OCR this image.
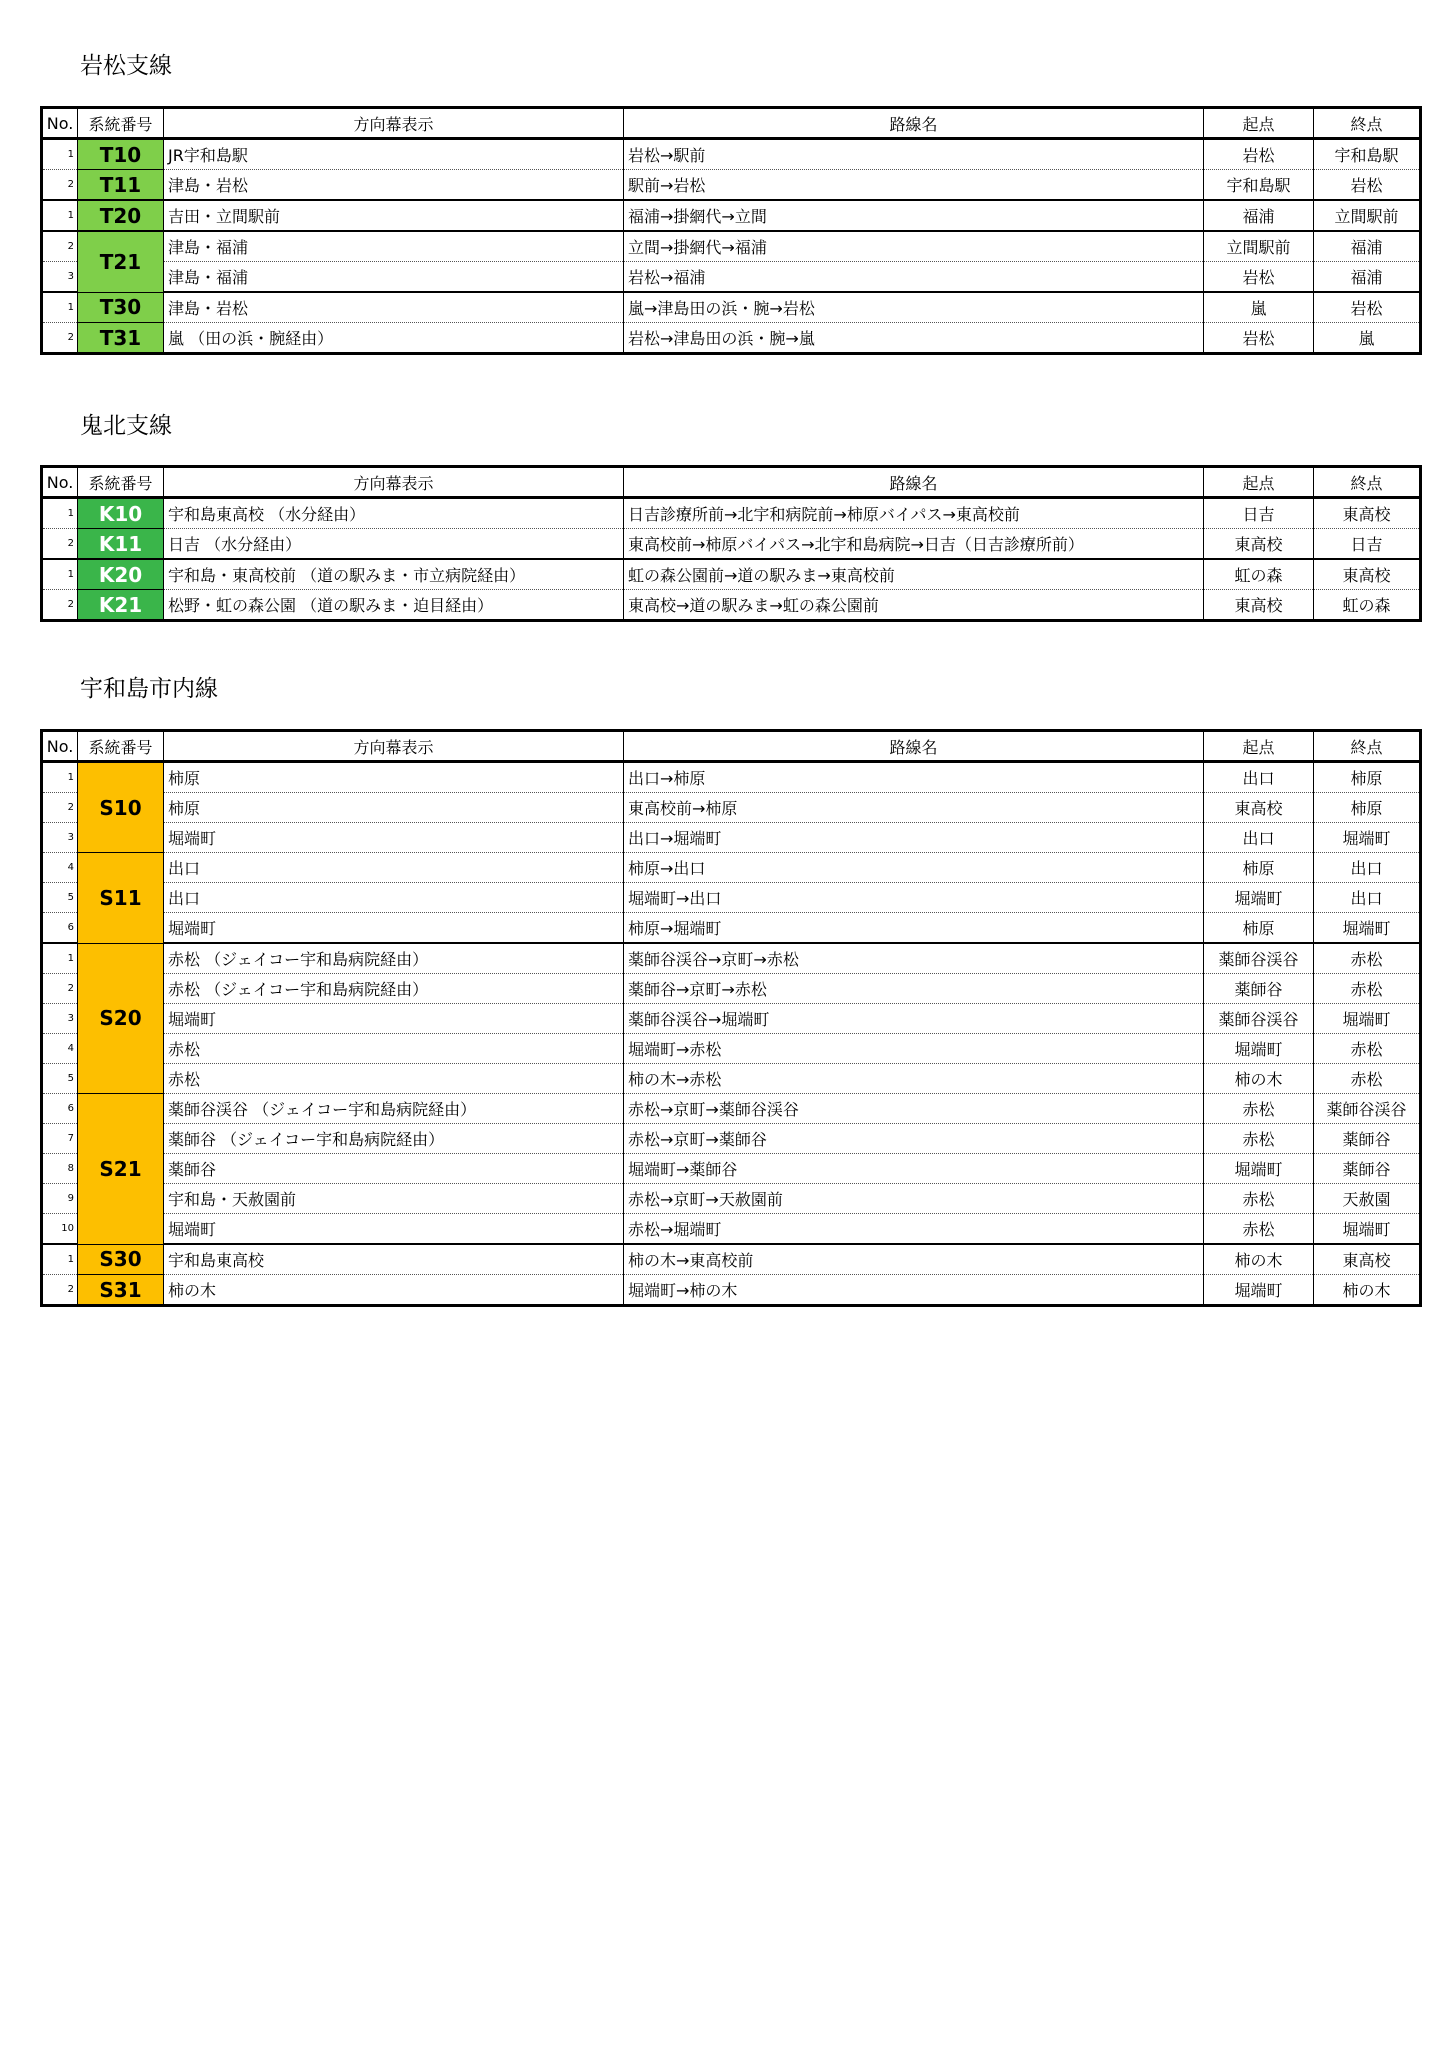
岩松支線
No.	系統番号	方向幕表示	路線名	起点	終点
1	T10	JR宇和島駅	岩松→駅前	岩松	宇和島駅
2	T11	津島・岩松	駅前→岩松	宇和島駅	岩松
1	T20	吉田・立間駅前	福浦→掛網代→立間	福浦	立間駅前
2	T21	津島・福浦	立間→掛網代→福浦	立間駅前	福浦
3		津島・福浦	岩松→福浦	岩松	福浦
1	T30	津島・岩松	嵐→津島田の浜・腕→岩松	嵐	岩松
2	T31	嵐 （田の浜・腕経由）	岩松→津島田の浜・腕→嵐	岩松	嵐
鬼北支線
No.	系統番号	方向幕表示	路線名	起点	終点
1	K10	宇和島東高校 （水分経由）	日吉診療所前→北宇和病院前→柿原バイパス→東高校前	日吉	東高校
2	K11	日吉 （水分経由）	東高校前→柿原バイパス→北宇和島病院→日吉（日吉診療所前）	東高校	日吉
1	K20	宇和島・東高校前 （道の駅みま・市立病院経由）	虹の森公園前→道の駅みま→東高校前	虹の森	東高校
2	K21	松野・虹の森公園 （道の駅みま・迫目経由）	東高校→道の駅みま→虹の森公園前	東高校	虹の森
宇和島市内線
No.	系統番号	方向幕表示	路線名	起点	終点
1	S10	柿原	出口→柿原	出口	柿原
2		柿原	東高校前→柿原	東高校	柿原
3		堀端町	出口→堀端町	出口	堀端町
4	S11	出口	柿原→出口	柿原	出口
5		出口	堀端町→出口	堀端町	出口
6		堀端町	柿原→堀端町	柿原	堀端町
1	S20	赤松 （ジェイコー宇和島病院経由）	薬師谷渓谷→京町→赤松	薬師谷渓谷	赤松
2		赤松 （ジェイコー宇和島病院経由）	薬師谷→京町→赤松	薬師谷	赤松
3		堀端町	薬師谷渓谷→堀端町	薬師谷渓谷	堀端町
4		赤松	堀端町→赤松	堀端町	赤松
5		赤松	柿の木→赤松	柿の木	赤松
6	S21	薬師谷渓谷 （ジェイコー宇和島病院経由）	赤松→京町→薬師谷渓谷	赤松	薬師谷渓谷
7		薬師谷 （ジェイコー宇和島病院経由）	赤松→京町→薬師谷	赤松	薬師谷
8		薬師谷	堀端町→薬師谷	堀端町	薬師谷
9		宇和島・天赦園前	赤松→京町→天赦園前	赤松	天赦園
10		堀端町	赤松→堀端町	赤松	堀端町
1	S30	宇和島東高校	柿の木→東高校前	柿の木	東高校
2	S31	柿の木	堀端町→柿の木	堀端町	柿の木
